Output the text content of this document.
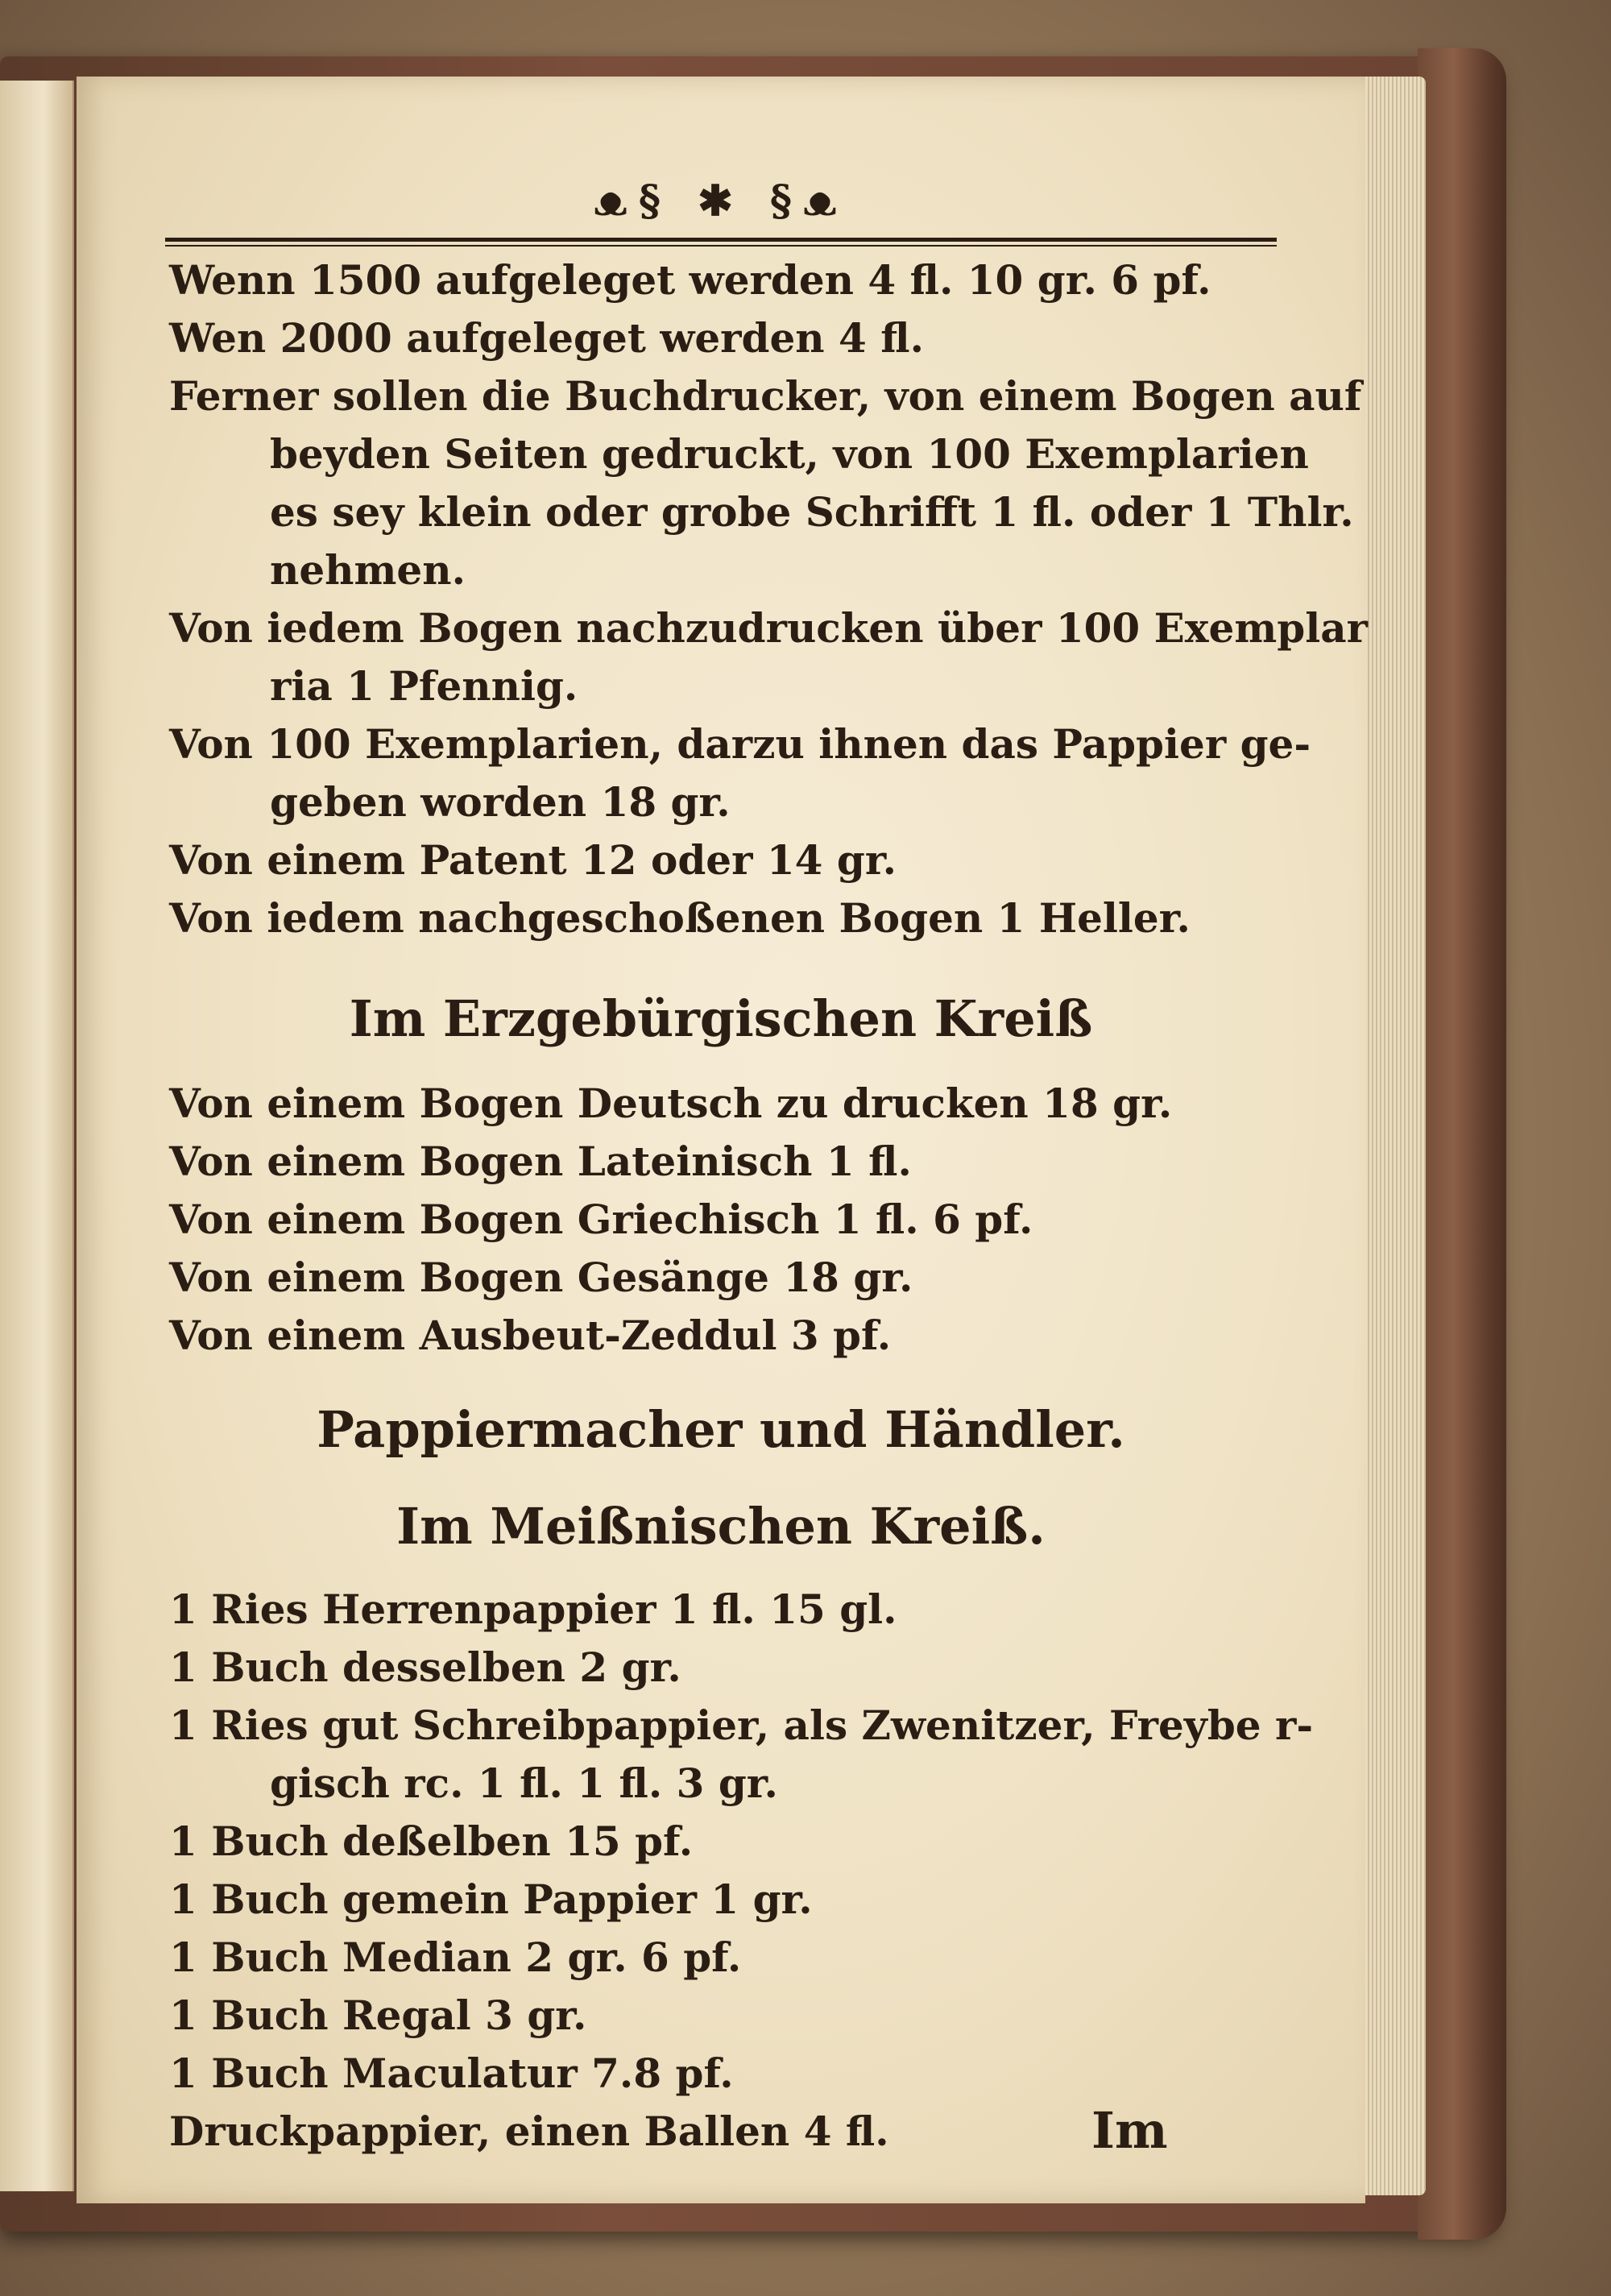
ᴥ§ ✱ §ᴥ
Wenn 1500 aufgeleget werden 4 fl. 10 gr. 6 pf.
Wen 2000 aufgeleget werden 4 fl.
Ferner sollen die Buchdrucker, von einem Bogen auf
beyden Seiten gedruckt, von 100 Exemplarien
es sey klein oder grobe Schrifft 1 fl. oder 1 Thlr.
nehmen.
Von iedem Bogen nachzudrucken über 100 Exemplar
ria 1 Pfennig.
Von 100 Exemplarien, darzu ihnen das Pappier ge-
geben worden 18 gr.
Von einem Patent 12 oder 14 gr.
Von iedem nachgeschoßenen Bogen 1 Heller.
Im Erzgebürgischen Kreiß
Von einem Bogen Deutsch zu drucken 18 gr.
Von einem Bogen Lateinisch 1 fl.
Von einem Bogen Griechisch 1 fl. 6 pf.
Von einem Bogen Gesänge 18 gr.
Von einem Ausbeut-Zeddul 3 pf.
Pappiermacher und Händler.
Im Meißnischen Kreiß.
1 Ries Herrenpappier 1 fl. 15 gl.
1 Buch desselben 2 gr.
1 Ries gut Schreibpappier, als Zwenitzer, Freybe r-
gisch rc. 1 fl. 1 fl. 3 gr.
1 Buch deßelben 15 pf.
1 Buch gemein Pappier 1 gr.
1 Buch Median 2 gr. 6 pf.
1 Buch Regal 3 gr.
1 Buch Maculatur 7.8 pf.
Druckpappier, einen Ballen 4 fl.	Im
